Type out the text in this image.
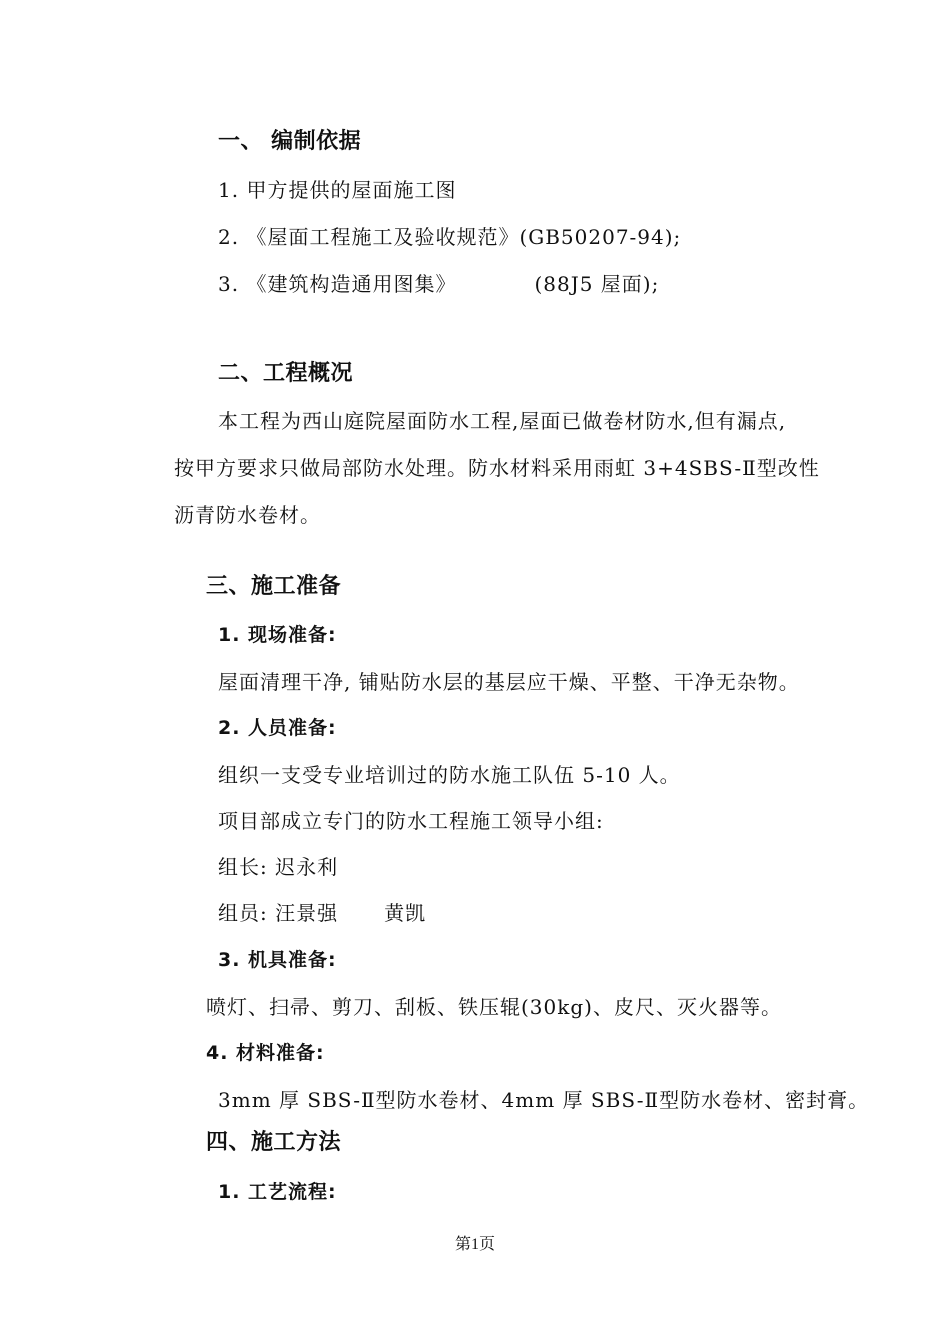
一、 编制依据
1. 甲方提供的屋面施工图
2. 《屋面工程施工及验收规范》(GB50207-94);
3. 《建筑构造通用图集》	(88J5 屋面);
二、工程概况
本工程为西山庭院屋面防水工程,屋面已做卷材防水,但有漏点,
按甲方要求只做局部防水处理。防水材料采用雨虹 3+4SBS-Ⅱ型改性
沥青防水卷材。
三、施工准备
1. 现场准备:
屋面清理干净, 铺贴防水层的基层应干燥、平整、干净无杂物。
2. 人员准备:
组织一支受专业培训过的防水施工队伍 5-10 人。
项目部成立专门的防水工程施工领导小组:
组长: 迟永利
组员: 汪景强 黄凯
3. 机具准备:
喷灯、扫帚、剪刀、刮板、铁压辊(30kg)、皮尺、灭火器等。
4. 材料准备:
3mm 厚 SBS-Ⅱ型防水卷材、4mm 厚 SBS-Ⅱ型防水卷材、密封膏。
四、施工方法
1. 工艺流程:
第1页
